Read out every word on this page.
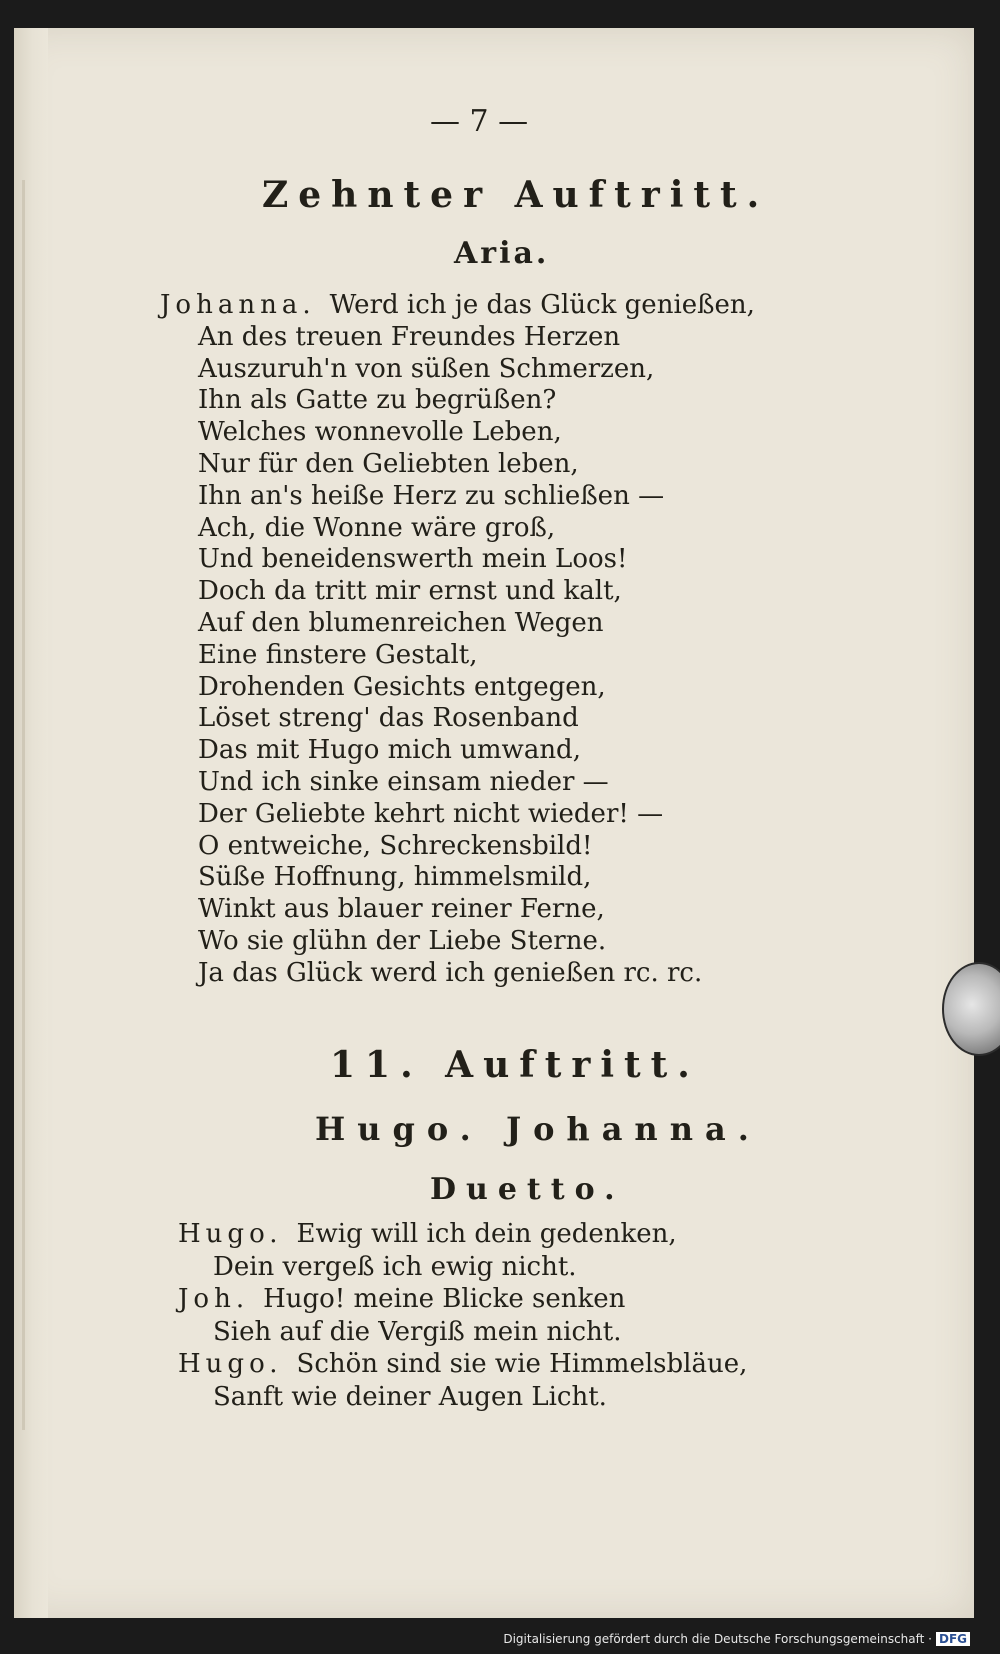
— 7 —
Zehnter Auftritt.
Aria.
Johanna. Werd ich je das Glück genießen,
An des treuen Freundes Herzen
Auszuruh'n von süßen Schmerzen,
Ihn als Gatte zu begrüßen?
Welches wonnevolle Leben,
Nur für den Geliebten leben,
Ihn an's heiße Herz zu schließen —
Ach, die Wonne wäre groß,
Und beneidenswerth mein Loos!
Doch da tritt mir ernst und kalt,
Auf den blumenreichen Wegen
Eine finstere Gestalt,
Drohenden Gesichts entgegen,
Löset streng' das Rosenband
Das mit Hugo mich umwand,
Und ich sinke einsam nieder —
Der Geliebte kehrt nicht wieder! —
O entweiche, Schreckensbild!
Süße Hoffnung, himmelsmild,
Winkt aus blauer reiner Ferne,
Wo sie glühn der Liebe Sterne.
Ja das Glück werd ich genießen rc. rc.
11. Auftritt.
Hugo. Johanna.
Duetto.
Hugo. Ewig will ich dein gedenken,
Dein vergeß ich ewig nicht.
Joh. Hugo! meine Blicke senken
Sieh auf die Vergiß mein nicht.
Hugo. Schön sind sie wie Himmelsbläue,
Sanft wie deiner Augen Licht.
Digitalisierung gefördert durch die Deutsche Forschungsgemeinschaft · DFG
